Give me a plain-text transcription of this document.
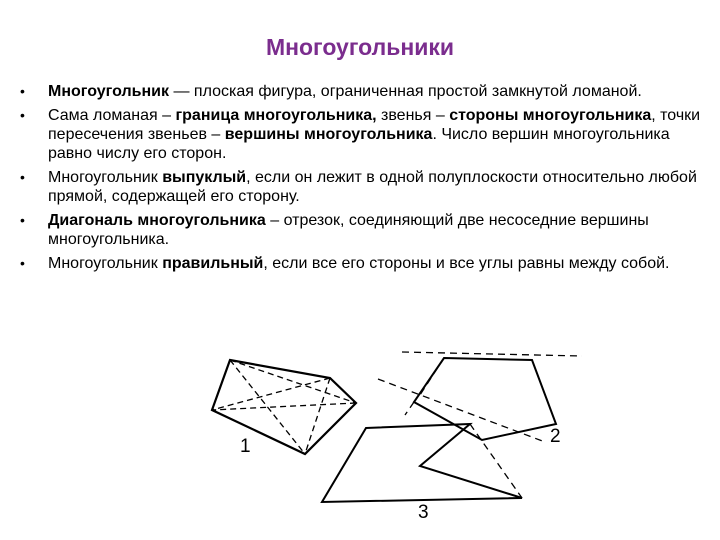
Многоугольники
•	Многоугольник — плоская фигура, ограниченная простой замкнутой ломаной.
•	Сама ломаная – граница многоугольника, звенья – стороны многоугольника, точки пересечения звеньев – вершины многоугольника. Число вершин многоугольника равно числу его сторон.
•	Многоугольник выпуклый, если он лежит в одной полуплоскости относительно любой прямой, содержащей его сторону.
•	Диагональ многоугольника – отрезок, соединяющий две несоседние вершины многоугольника.
•	Многоугольник правильный, если все его стороны и все углы равны между собой.
1	2
3
